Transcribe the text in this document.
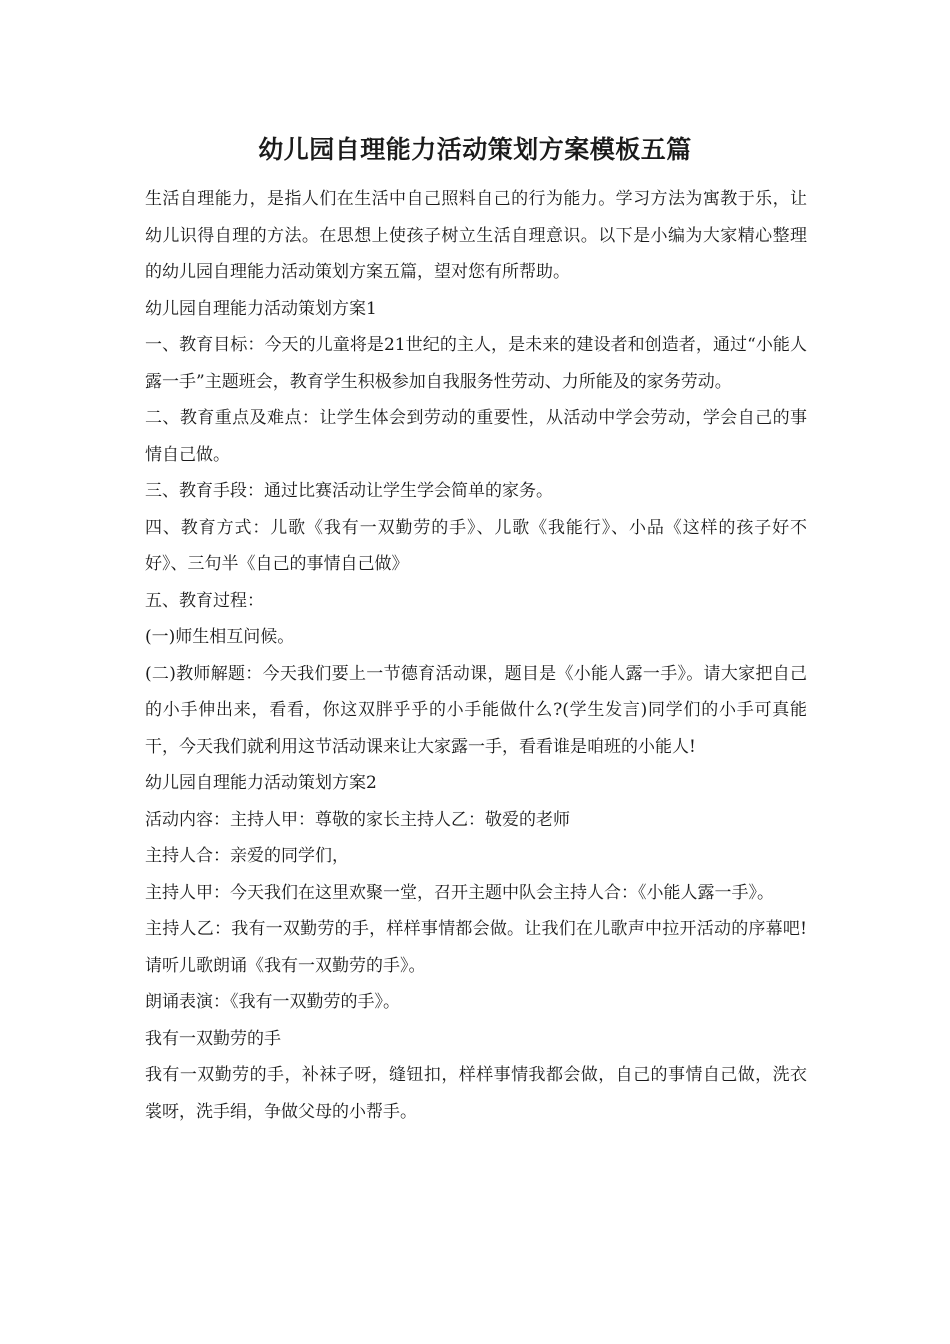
幼儿园自理能力活动策划方案模板五篇

生活自理能力，是指人们在生活中自己照料自己的行为能力。学习方法为寓教于乐，让幼儿识得自理的方法。在思想上使孩子树立生活自理意识。以下是小编为大家精心整理的幼儿园自理能力活动策划方案五篇，望对您有所帮助。

幼儿园自理能力活动策划方案1

一、教育目标：今天的儿童将是21世纪的主人，是未来的建设者和创造者，通过“小能人露一手”主题班会，教育学生积极参加自我服务性劳动、力所能及的家务劳动。

二、教育重点及难点：让学生体会到劳动的重要性，从活动中学会劳动，学会自己的事情自己做。

三、教育手段：通过比赛活动让学生学会简单的家务。

四、教育方式：儿歌《我有一双勤劳的手》、儿歌《我能行》、小品《这样的孩子好不好》、三句半《自己的事情自己做》

五、教育过程：

(一)师生相互问候。

(二)教师解题：今天我们要上一节德育活动课，题目是《小能人露一手》。请大家把自己的小手伸出来，看看，你这双胖乎乎的小手能做什么?(学生发言)同学们的小手可真能干，今天我们就利用这节活动课来让大家露一手，看看谁是咱班的小能人!

幼儿园自理能力活动策划方案2

活动内容：主持人甲：尊敬的家长主持人乙：敬爱的老师

主持人合：亲爱的同学们，

主持人甲：今天我们在这里欢聚一堂，召开主题中队会主持人合：《小能人露一手》。

主持人乙：我有一双勤劳的手，样样事情都会做。让我们在儿歌声中拉开活动的序幕吧!请听儿歌朗诵《我有一双勤劳的手》。

朗诵表演：《我有一双勤劳的手》。

我有一双勤劳的手

我有一双勤劳的手，补袜子呀，缝钮扣，样样事情我都会做，自己的事情自己做，洗衣裳呀，洗手绢，争做父母的小帮手。
